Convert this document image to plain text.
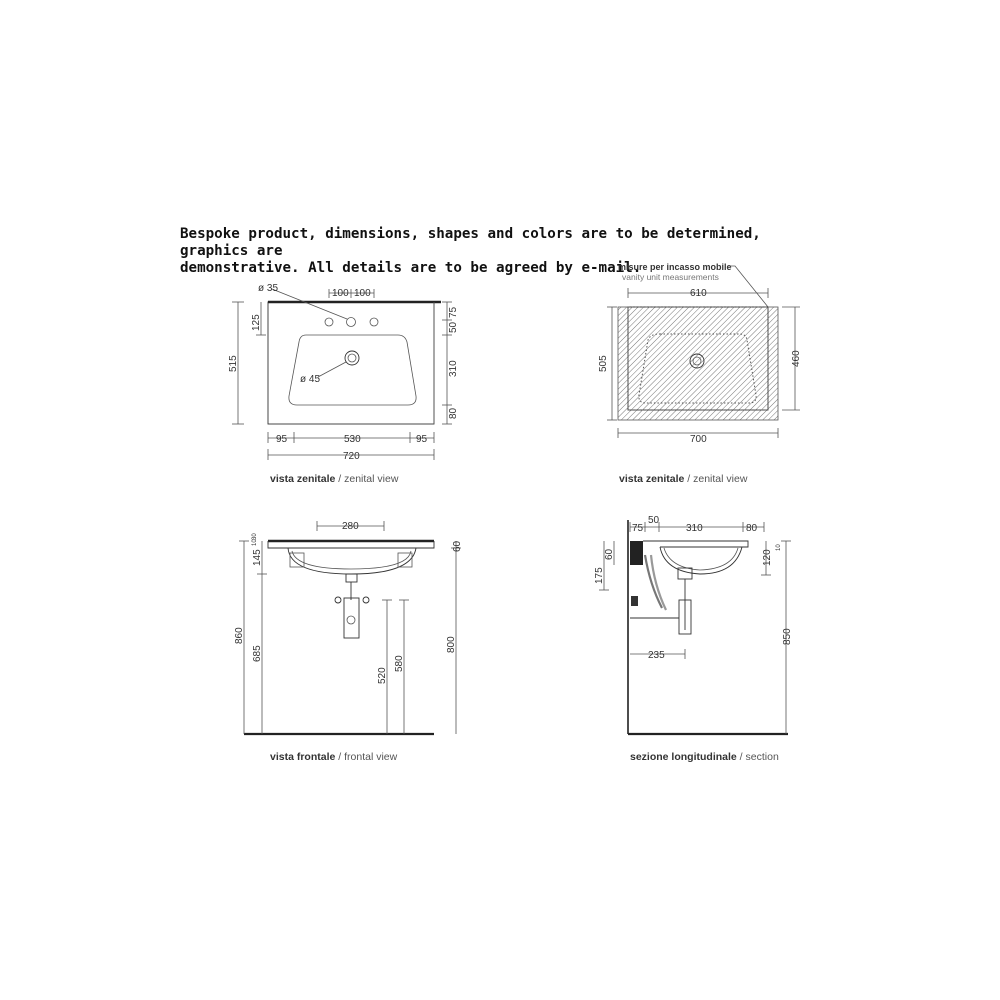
Bespoke product, dimensions, shapes and colors are to be determined, graphics are
demonstrative. All details are to be agreed by e-mail.

ø 35
ø 45
100 100
515
125
75
50
310
80
95	530	95
720
vista zenitale / zenital view
misure per incasso mobile
vanity unit measurements
610
505	460
700
vista zenitale / zenital view
280
860
145
685
30
10
520
580
60
800
vista frontale / frontal view
75
50
310	80
175
60	120
10
235
850
sezione longitudinale / section
